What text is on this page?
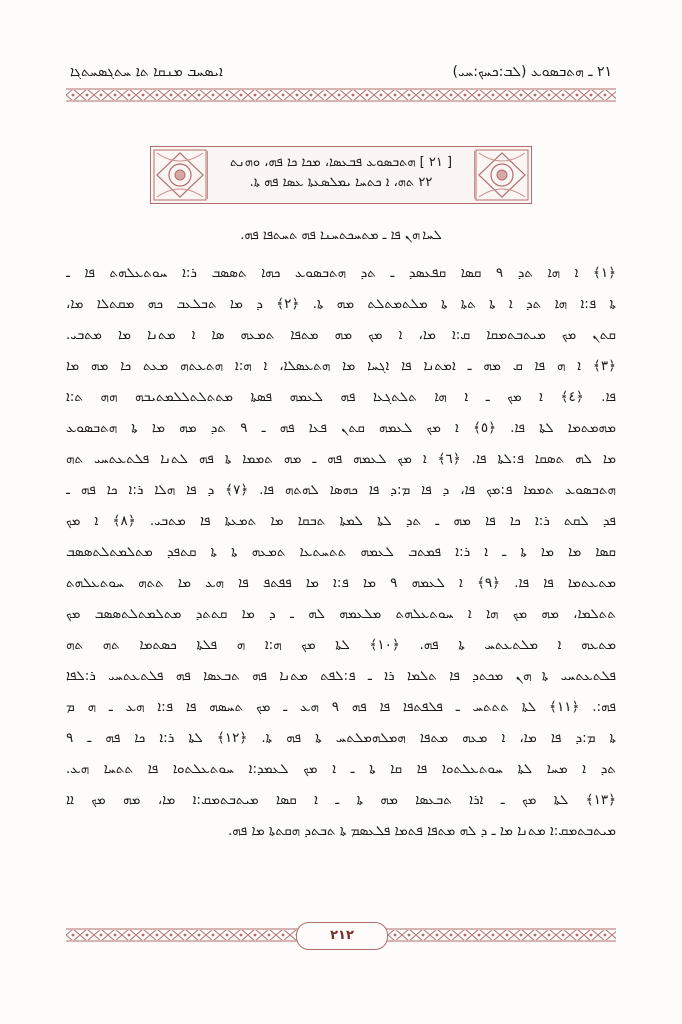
٢١ ـ ܗܬܒܣܘܥ (ܠܒ:ܟܚܟ:ܚܝ)
ܐܝܣܚܒ ܡܢܩܐ ܬܐ ܚܬܓܣܚܬܓܐ
[ ٢١ ] ܗܬܒܣܘܥ ܦܒܥܣܐ، ܡܟܐ ܟܐ ܦܗ، ܘܗܢܬ
٢٢ ܬܗ، ܐ ܟܬܚܐ ܝܡܠܣܥܬܐ ܥܣܐ ܦܗ ܬܐ.
ܠܚܐ ܗܢ ܦܐ ـ ܡܬܚܟܬܚܢܐ ܦܗ ܬܚܬܦܐ ܦܗ.
﴿١﴾ ܐ ܗܐ ܬܕ ٩ ܩܣܐ ܩܦܥܣܕ ـ ܬܕ ܗܬܒܣܘܥ ܟܗܐ ܬܣܣܒ ܪ:ܐ ܚܘܬܥܠܗܬ ܦܐ ـ
ܬܐ ܦ:ܐ ܗܐ ܬܕ ܐ ܬܐ ܬܬܐ ܬܐ ܡܠܬܡܬܠܬ ܡܗ ܬܐ. ﴿٢﴾ ܕ ܡܐ ܬܒܠܥܒ ܟܗ ܡܩܬܠܐ ܡܐ،
ܩܬܢ ܡܟ ܡܝܬܒܬܡܩܐ ܩ:ܐ ܡܐ، ܐ ܡܟ ܡܗ ܡܬܦܐ ܬܡܥܗ ܣܐ ܐ ܡܬܢܐ ܡܐ ܡܬܒܝ.
﴿٣﴾ ܐ ܗ ܦܐ ܩ ܡܗ ـ ܐܡܬܢܐ ܦܐ ܐܓܚܐ ܡܐ ܗܬܥܣܠܐ، ܐ ܗ:ܐ ܗܬܥܬܗ ܡܥܬ ܟܐ ܡܗ ܡܐ
ܦܐ. ﴿٤﴾ ܐ ܡܟ ـ ܐ ܗܐ ܬܠܬܓܥܐ ܦܗ ܠܥܡܗ ܦܣܬܐ ܡܬܬܠܬܠܠܡܬܝܒܗ ܗܗ ܬ:ܐ
ܡܗܡܬܡܐ ܠܬܐ ܦܐ. ﴿٥﴾ ܐ ܡܟ ܠܥܡܗ ܩܬܢ ܦܥܐ ܦܗ ـ ٩ ܬܕ ܡܗ ܡܐ ܬܐ ܗܬܒܣܘܥ
ܡܐ ܠܗ ܬܣܩܐ ܦ:ܠܬܐ ܦܐ. ﴿٦﴾ ܐ ܡܟ ܠܥܡܗ ܦܗ ـ ܡܗ ܬܡܡܐ ܬܐ ܦܗ ܠܬܢܐ ܦܠܬܥܬܚܝ ܬܗ
ܗܬܒܣܘܥ ܬܡܡܐ ܦ:ܡܟ ܦܐ، ܕ ܦܐ ܡ:ܕ ܦܐ ܟܗܣܐ ܠܗܬܗ ܦܐ. ﴿٧﴾ ܕ ܦܐ ܗܠܐ ܪ:ܐ ܟܐ ܦܗ ـ
ܦܕ ܠܩܬ ܪ:ܐ ܟܐ ܦܐ ܡܗ ـ ܬܕ ܠܬܐ ܠܡܬܐ ܬܒܩܐ ܡܐ ܬܡܥܬܐ ܦܐ ܡܬܒܝ. ﴿٨﴾ ܐ ܡܟ
ܩܣܐ ܡܐ ܡܐ ܬܐ ـ ܐ ܪ:ܐ ܦܡܬܒ ܠܥܡܗ ܬܬܚܬܥܐ ܬܡܥܗ ܬܐ ܬܐ ܩܬܦܕ ܡܬܠܡܬܠܬܣܣܒ
ܡܬܥܬܡܐ ܦܐ ܦܐ. ﴿٩﴾ ܐ ܠܥܡܗ ٩ ܡܐ ܦ:ܐ ܡܐ ܦܦܬܦ ܦܐ ܗܥ ܡܐ ܬܬܗ ܚܘܬܥܠܗܬ
ܬܬܠܡܐ، ܡܗ ܡܟ ܗܐ ܐ ܚܘܬܥܠܗܬ ܡܠܥܡܗ ܠܗ ـ ܕ ܡܐ ܩܬܬܕ ܡܬܠܡܬܠܬܣܣܒ ܡܟ
ܡܬܥܗ ܐ ܡܠܬܥܬܚ ܬܐ ܦܗ. ﴿١٠﴾ ܠܬܐ ܡܟ ܗ:ܐ ܗ ܦܠܬܐ ܟܣܬܡܐ ܬܗ ܬܗ
ܦܠܬܥܬܚܝ ܬܐ ܗܢ ܡܟܬܕ ܦܐ ܬܠܡܐ ܪܐ ـ ܦ:ܠܦܬ ܡܬܢܐ ܦܗ ܬܒܥܣܐ ܦܗ ܦܠܬܥܬܚܝ ܪ:ܠܦܐ
ܦܗ:. ﴿١١﴾ ܠܬܐ ܬܬܬܚ ـ ܦܠܦܬܦܐ ܦܐ ܦܗ ٩ ܗܥ ـ ܡܟ ܬܚܣܗ ܦܐ ܦ:ܐ ܗܥ ـ ܗ ܡ
ܬܐ ܡ:ܕ ܦܐ ܡܐ، ܐ ܡܥܗ ܡܬܦܐ ܗܡܠܗܡܠܬܚ ܬܐ ܦܗ ܬܐ. ﴿١٢﴾ ܠܬܐ ܪ:ܐ ܟܐ ܦܗ ـ ٩
ܬܕ ܐ ܡܚܐ ܠܬܐ ܚܘܬܥܠܬܘܐ ܦܐ ܩܐ ܬܐ ـ ܐ ܡܟ ܠܥܡܕ:ܐ ܚܘܬܥܠܬܘܐ ܦܐ ܬܬܚܐ ܗܥ.
﴿١٣﴾ ܠܬܐ ܡܟ ـ ܐܪܐ ܬܒܥܣܐ ܡܗ ܬܐ ـ ܐ ܩܣܐ ܡܝܬܒܬܡܩ:ܐ ܡܐ، ܡܗ ܡܟ ܐܐ
ܡܝܬܒܬܡܩ:ܐ ܡܬܢܐ ܡܐ ـ ܕ ܠܗ ܡܬܦܐ ܦܬܡܐ ܦܠܥܣܡ ܬܐ ܬܒܬܕ ܗܩܬܬܐ ܡܐ ܦܗ.
٢١٢
